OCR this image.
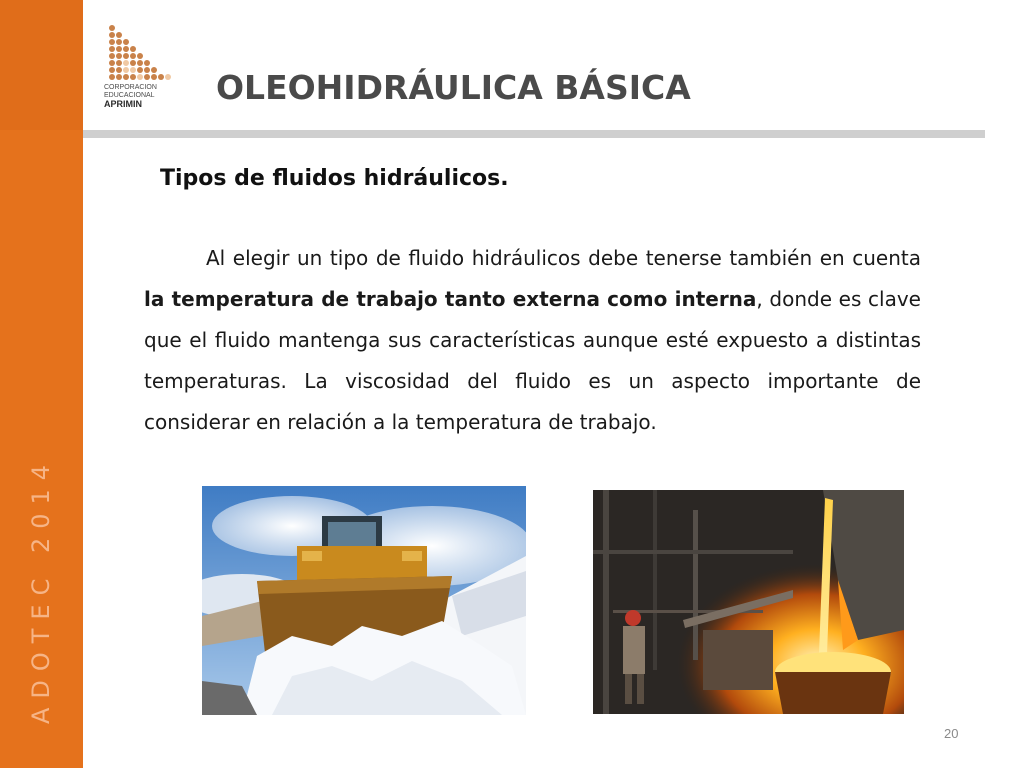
ADOTEC 2014
CORPORACION
EDUCACIONAL
APRIMIN	OLEOHIDRÁULICA BÁSICA
Tipos de fluidos hidráulicos.

Al elegir un tipo de fluido hidráulicos debe tenerse también en cuenta la temperatura de trabajo tanto externa como interna, donde es clave que el fluido mantenga sus características aunque esté expuesto a distintas temperaturas. La viscosidad del fluido es un aspecto importante de considerar en relación a la temperatura de trabajo.

20
